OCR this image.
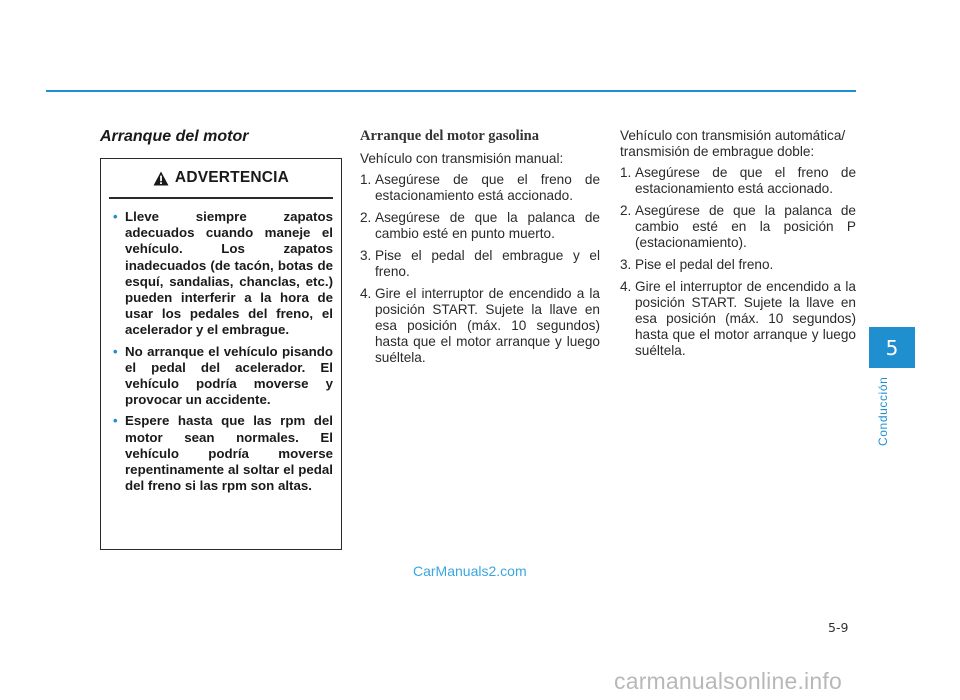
Arranque del motor
ADVERTENCIA
• Lleve siempre zapatos adecuados cuando maneje el vehículo. Los zapatos inadecuados (de tacón, botas de esquí, sandalias, chanclas, etc.) pueden interferir a la hora de usar los pedales del freno, el acelerador y el embrague.
• No arranque el vehículo pisando el pedal del acelerador. El vehículo podría moverse y provocar un accidente.
• Espere hasta que las rpm del motor sean normales. El vehículo podría moverse repentinamente al soltar el pedal del freno si las rpm son altas.
Arranque del motor gasolina

Vehículo con transmisión manual:

1. Asegúrese de que el freno de estacionamiento está accionado.
2. Asegúrese de que la palanca de cambio esté en punto muerto.
3. Pise el pedal del embrague y el freno.
4. Gire el interruptor de encendido a la posición START. Sujete la llave en esa posición (máx. 10 segundos) hasta que el motor arranque y luego suéltela.

Vehículo con transmisión automática/ transmisión de embrague doble:

1. Asegúrese de que el freno de estacionamiento está accionado.
2. Asegúrese de que la palanca de cambio esté en la posición P (estacionamiento).
3. Pise el pedal del freno.
4. Gire el interruptor de encendido a la posición START. Sujete la llave en esa posición (máx. 10 segundos) hasta que el motor arranque y luego suéltela.	5
Conducción
5-9
CarManuals2.com
carmanualsonline.info
